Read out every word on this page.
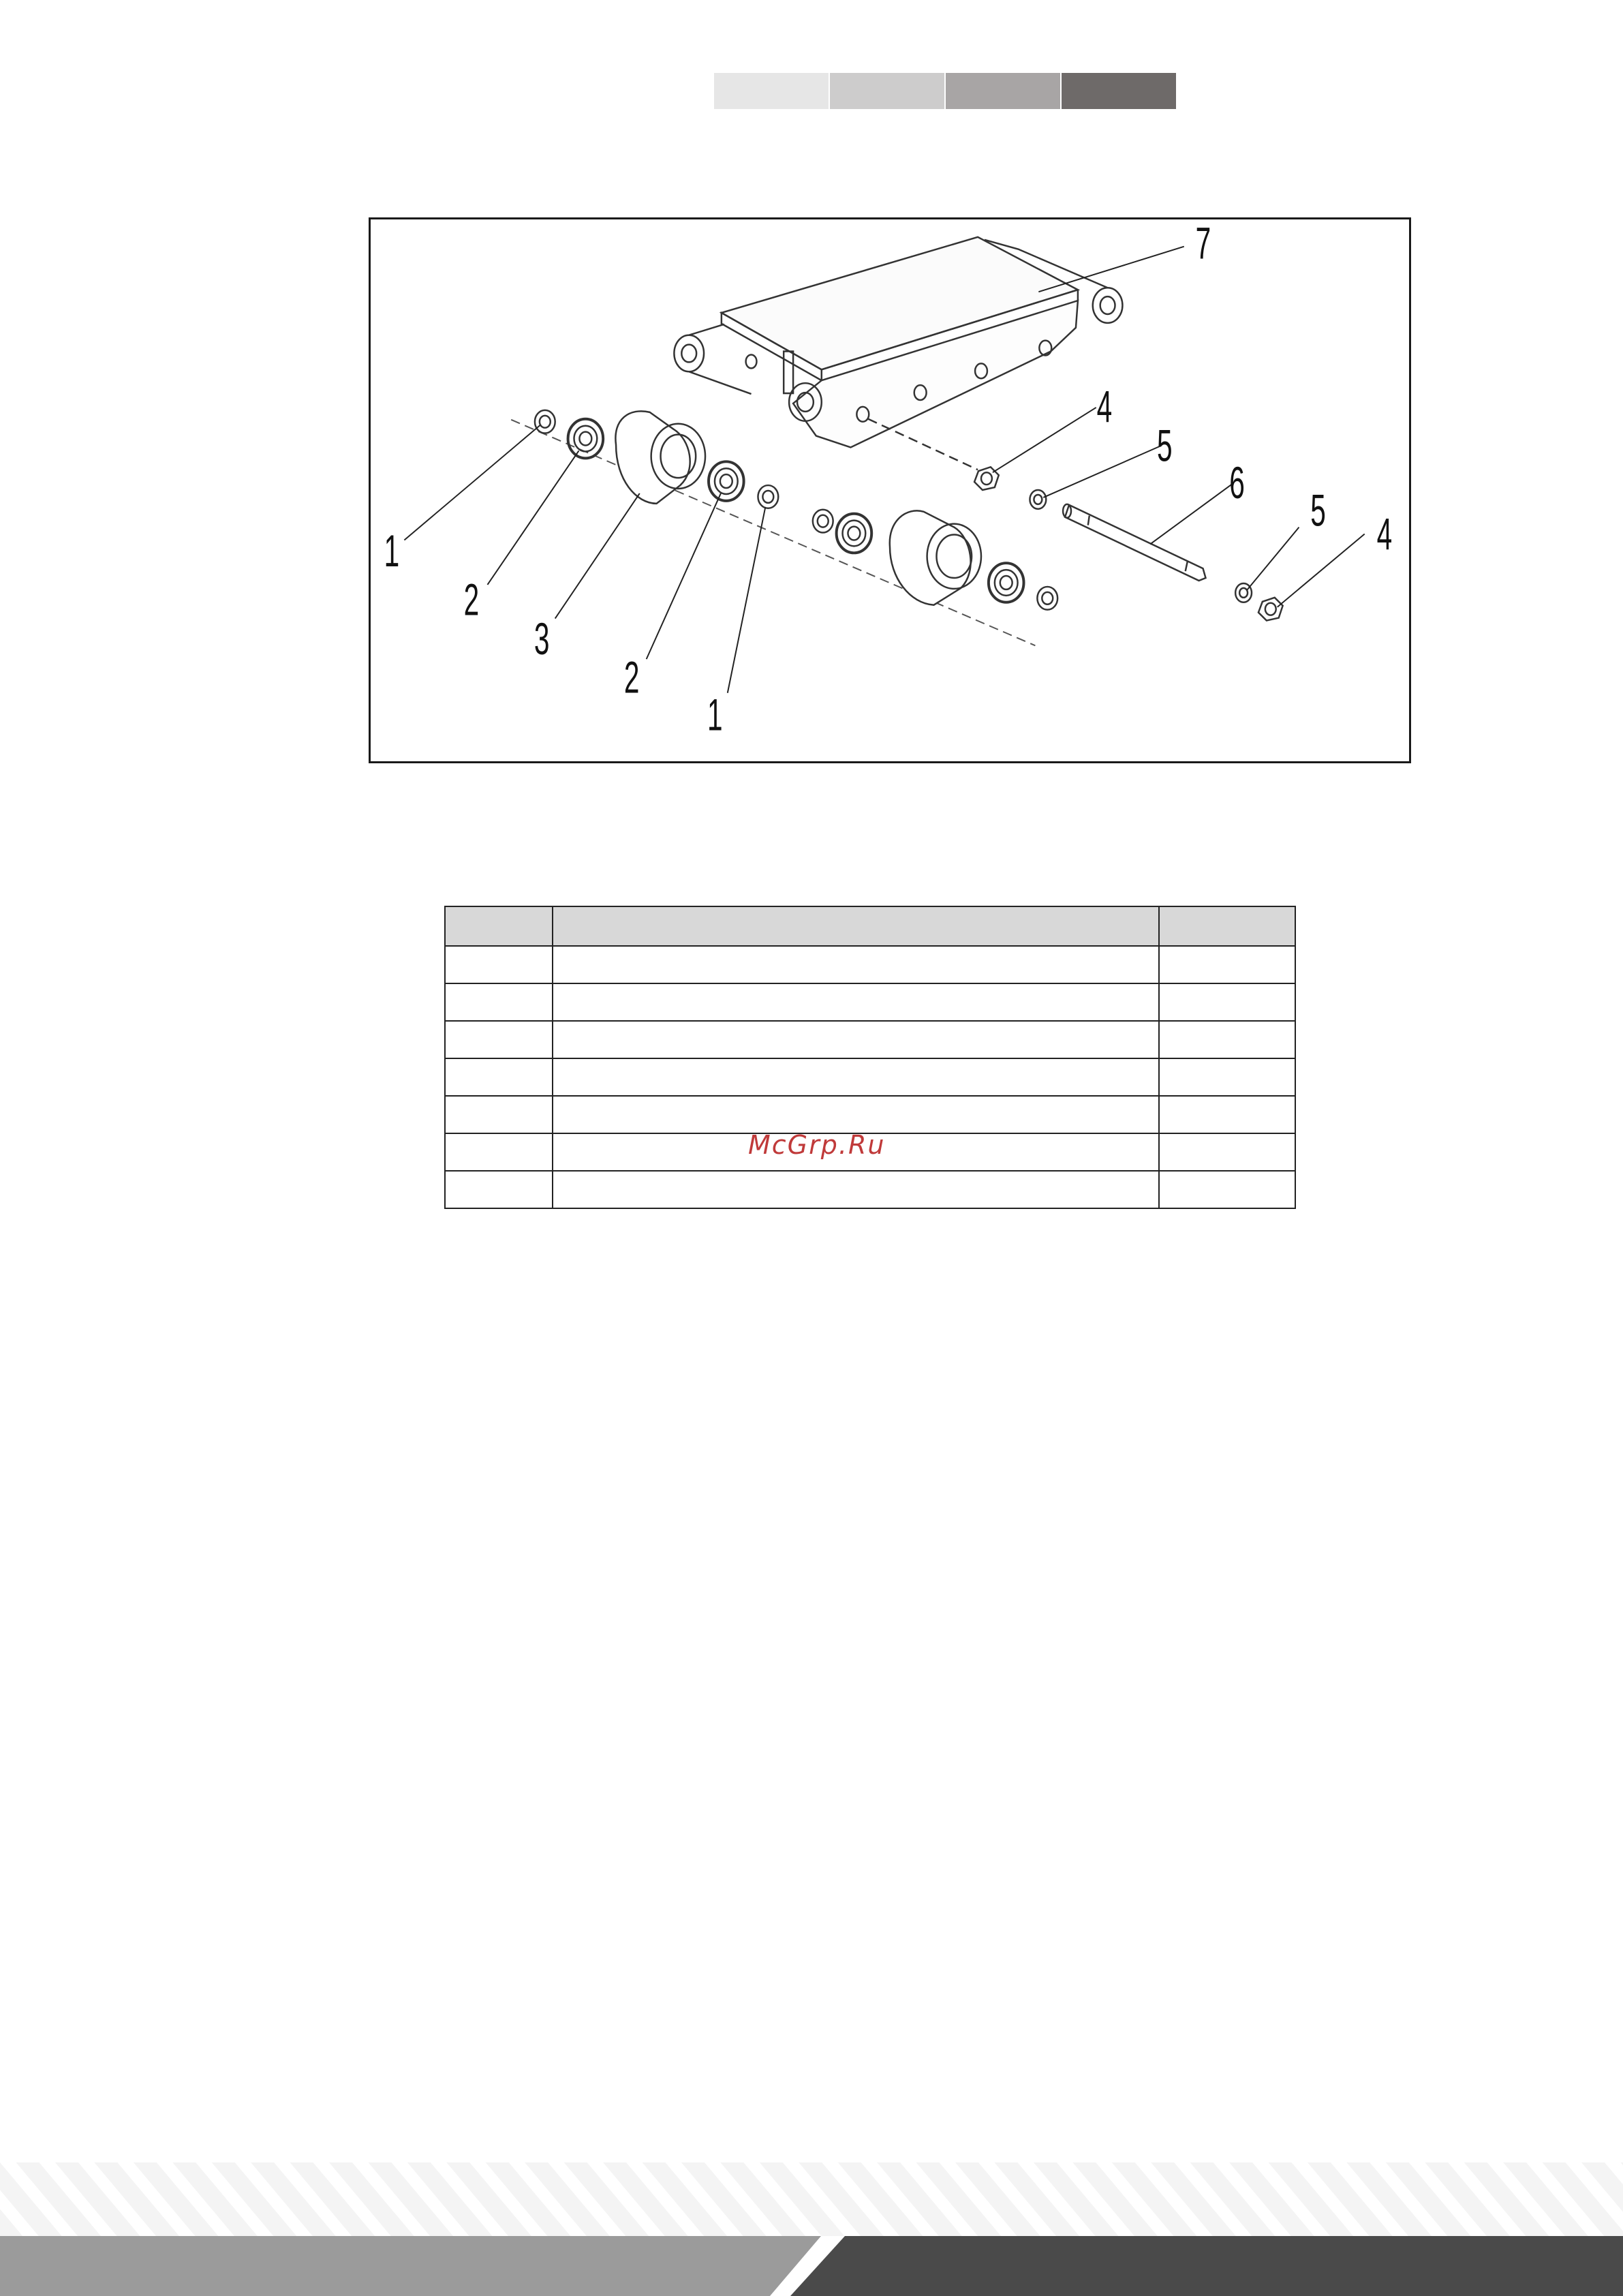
1
2
3
2
1
4
5
6
5 4
7

McGrp.Ru
